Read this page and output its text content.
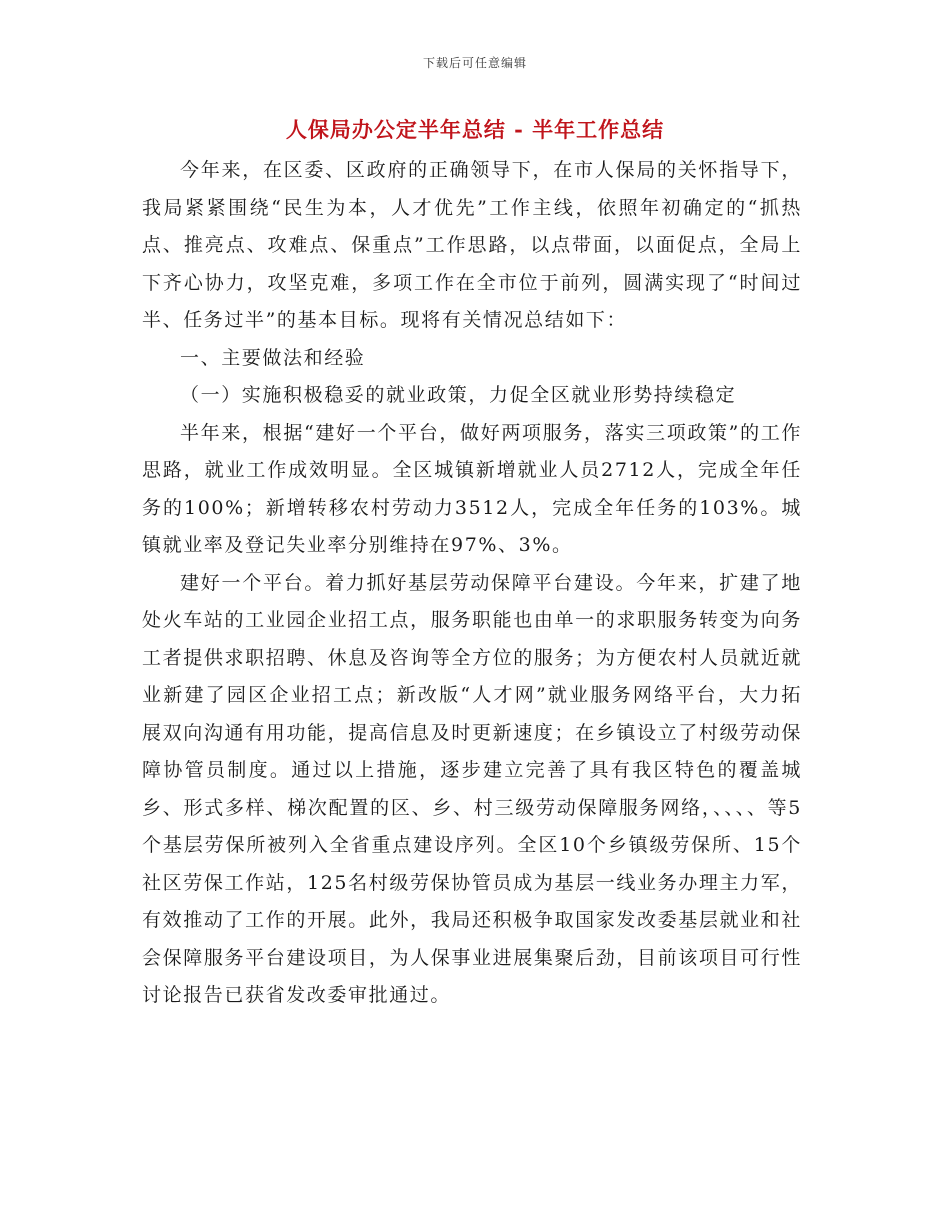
下载后可任意编辑
人保局办公定半年总结 - 半年工作总结

今年来，在区委、区政府的正确领导下，在市人保局的关怀指导下，我局紧紧围绕“民生为本，人才优先”工作主线，依照年初确定的“抓热点、推亮点、攻难点、保重点”工作思路，以点带面，以面促点，全局上下齐心协力，攻坚克难，多项工作在全市位于前列，圆满实现了“时间过半、任务过半”的基本目标。现将有关情况总结如下：

一、主要做法和经验

（一）实施积极稳妥的就业政策，力促全区就业形势持续稳定

半年来，根据“建好一个平台，做好两项服务，落实三项政策”的工作思路，就业工作成效明显。全区城镇新增就业人员2712人，完成全年任务的100%；新增转移农村劳动力3512人，完成全年任务的103%。城镇就业率及登记失业率分别维持在97%、3%。

建好一个平台。着力抓好基层劳动保障平台建设。今年来，扩建了地处火车站的工业园企业招工点，服务职能也由单一的求职服务转变为向务工者提供求职招聘、休息及咨询等全方位的服务；为方便农村人员就近就业新建了园区企业招工点；新改版“人才网”就业服务网络平台，大力拓展双向沟通有用功能，提高信息及时更新速度；在乡镇设立了村级劳动保障协管员制度。通过以上措施，逐步建立完善了具有我区特色的覆盖城乡、形式多样、梯次配置的区、乡、村三级劳动保障服务网络，、、、、等5个基层劳保所被列入全省重点建设序列。全区10个乡镇级劳保所、15个社区劳保工作站，125名村级劳保协管员成为基层一线业务办理主力军，有效推动了工作的开展。此外，我局还积极争取国家发改委基层就业和社会保障服务平台建设项目，为人保事业进展集聚后劲，目前该项目可行性讨论报告已获省发改委审批通过。
